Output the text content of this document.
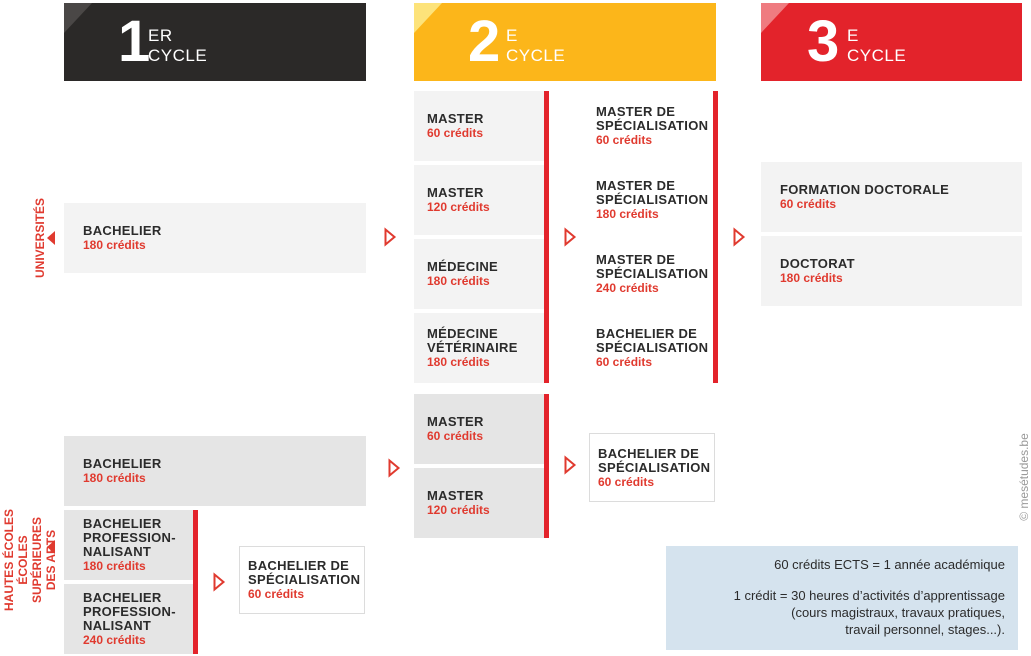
1
ER
CYCLE	2 E
CYCLE	3 E
CYCLE
UNIVERSITÉS
HAUTES ÉCOLES ÉCOLES SUPÉRIEURES DES ARTS
BACHELIER
180 crédits
MASTER
60 crédits
MASTER
120 crédits
MÉDECINE
180 crédits
MÉDECINE
VÉTÉRINAIRE
180 crédits
MASTER DE
SPÉCIALISATION
60 crédits
MASTER DE
SPÉCIALISATION
180 crédits
MASTER DE
SPÉCIALISATION
240 crédits
BACHELIER DE
SPÉCIALISATION
60 crédits
FORMATION DOCTORALE
60 crédits
DOCTORAT
180 crédits
BACHELIER
180 crédits
BACHELIER
PROFESSION-
NALISANT
180 crédits
BACHELIER
PROFESSION-
NALISANT
240 crédits
BACHELIER DE
SPÉCIALISATION
60 crédits
MASTER
60 crédits
MASTER
120 crédits
BACHELIER DE
SPÉCIALISATION
60 crédits	© mesétudes.be

60 crédits ECTS = 1 année académique

1 crédit = 30 heures d’activités d’apprentissage

(cours magistraux, travaux pratiques,

travail personnel, stages...).
